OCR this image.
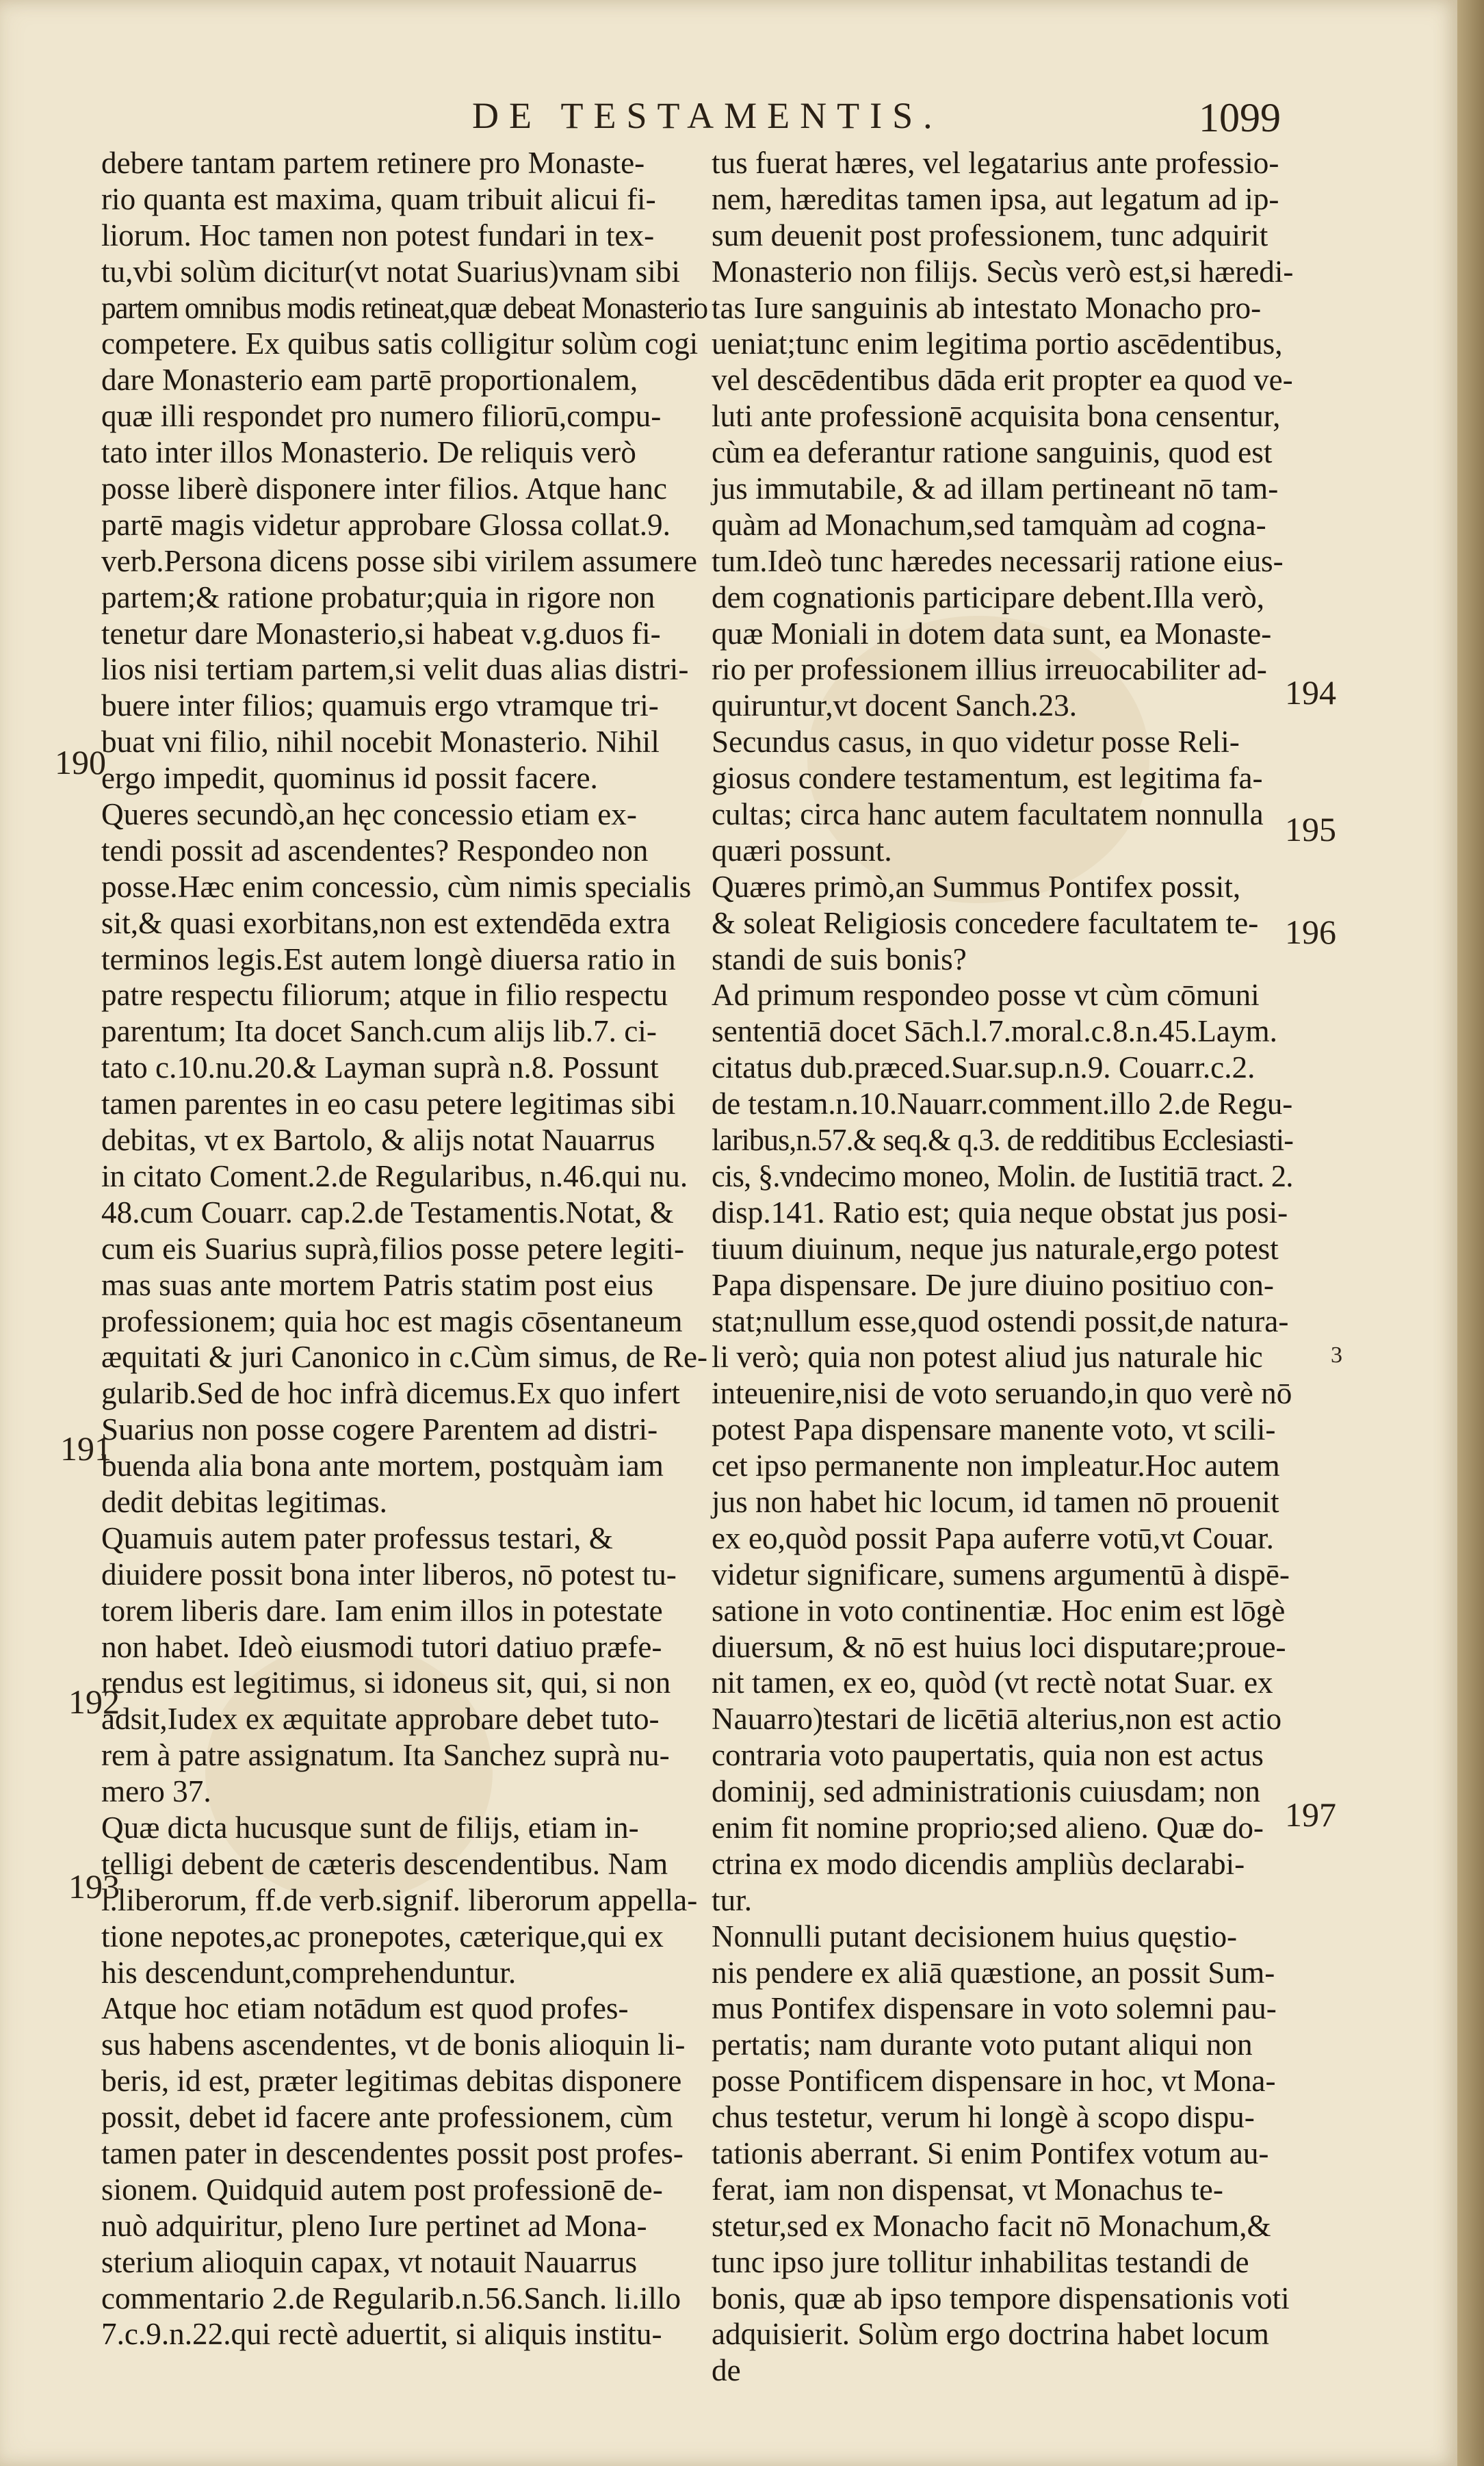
DE TESTAMENTIS.	1099
debere tantam partem retinere pro Monaste-
rio quanta est maxima, quam tribuit alicui fi-
liorum. Hoc tamen non potest fundari in tex-
tu,vbi solùm dicitur(vt notat Suarius)vnam sibi
partem omnibus modis retineat,quæ debeat Monasterio
competere. Ex quibus satis colligitur solùm cogi
dare Monasterio eam partē proportionalem,
quæ illi respondet pro numero filiorū,compu-
tato inter illos Monasterio. De reliquis verò
posse liberè disponere inter filios. Atque hanc
partē magis videtur approbare Glossa collat.9.
verb.Persona dicens posse sibi virilem assumere
partem;& ratione probatur;quia in rigore non
tenetur dare Monasterio,si habeat v.g.duos fi-
lios nisi tertiam partem,si velit duas alias distri-
buere inter filios; quamuis ergo vtramque tri-
buat vni filio, nihil nocebit Monasterio. Nihil
ergo impedit, quominus id possit facere.
Queres secundò,an hęc concessio etiam ex-
tendi possit ad ascendentes? Respondeo non
posse.Hæc enim concessio, cùm nimis specialis
sit,& quasi exorbitans,non est extendēda extra
terminos legis.Est autem longè diuersa ratio in
patre respectu filiorum; atque in filio respectu
parentum; Ita docet Sanch.cum alijs lib.7. ci-
tato c.10.nu.20.& Layman suprà n.8. Possunt
tamen parentes in eo casu petere legitimas sibi
debitas, vt ex Bartolo, & alijs notat Nauarrus
in citato Coment.2.de Regularibus, n.46.qui nu.
48.cum Couarr. cap.2.de Testamentis.Notat, &
cum eis Suarius suprà,filios posse petere legiti-
mas suas ante mortem Patris statim post eius
professionem; quia hoc est magis cōsentaneum
æquitati & juri Canonico in c.Cùm simus, de Re-
gularib.Sed de hoc infrà dicemus.Ex quo infert
Suarius non posse cogere Parentem ad distri-
buenda alia bona ante mortem, postquàm iam
dedit debitas legitimas.
Quamuis autem pater professus testari, &
diuidere possit bona inter liberos, nō potest tu-
torem liberis dare. Iam enim illos in potestate
non habet. Ideò eiusmodi tutori datiuo præfe-
rendus est legitimus, si idoneus sit, qui, si non
adsit,Iudex ex æquitate approbare debet tuto-
rem à patre assignatum. Ita Sanchez suprà nu-
mero 37.
Quæ dicta hucusque sunt de filijs, etiam in-
telligi debent de cæteris descendentibus. Nam
l.liberorum, ff.de verb.signif. liberorum appella-
tione nepotes,ac pronepotes, cæterique,qui ex
his descendunt,comprehenduntur.
Atque hoc etiam notādum est quod profes-
sus habens ascendentes, vt de bonis alioquin li-
beris, id est, præter legitimas debitas disponere
possit, debet id facere ante professionem, cùm
tamen pater in descendentes possit post profes-
sionem. Quidquid autem post professionē de-
nuò adquiritur, pleno Iure pertinet ad Mona-
sterium alioquin capax, vt notauit Nauarrus
commentario 2.de Regularib.n.56.Sanch. li.illo
7.c.9.n.22.qui rectè aduertit, si aliquis institu-
tus fuerat hæres, vel legatarius ante professio-
nem, hæreditas tamen ipsa, aut legatum ad ip-
sum deuenit post professionem, tunc adquirit
Monasterio non filijs. Secùs verò est,si hæredi-
tas Iure sanguinis ab intestato Monacho pro-
ueniat;tunc enim legitima portio ascēdentibus,
vel descēdentibus dāda erit propter ea quod ve-
luti ante professionē acquisita bona censentur,
cùm ea deferantur ratione sanguinis, quod est
jus immutabile, & ad illam pertineant nō tam-
quàm ad Monachum,sed tamquàm ad cogna-
tum.Ideò tunc hæredes necessarij ratione eius-
dem cognationis participare debent.Illa verò,
quæ Moniali in dotem data sunt, ea Monaste-
rio per professionem illius irreuocabiliter ad-
quiruntur,vt docent Sanch.23.
Secundus casus, in quo videtur posse Reli-
giosus condere testamentum, est legitima fa-
cultas; circa hanc autem facultatem nonnulla
quæri possunt.
Quæres primò,an Summus Pontifex possit,
& soleat Religiosis concedere facultatem te-
standi de suis bonis?
Ad primum respondeo posse vt cùm cōmuni
sententiā docet Sāch.l.7.moral.c.8.n.45.Laym.
citatus dub.præced.Suar.sup.n.9. Couarr.c.2.
de testam.n.10.Nauarr.comment.illo 2.de Regu-
laribus,n.57.& seq.& q.3. de redditibus Ecclesiasti-
cis, §.vndecimo moneo, Molin. de Iustitiā tract. 2.
disp.141. Ratio est; quia neque obstat jus posi-
tiuum diuinum, neque jus naturale,ergo potest
Papa dispensare. De jure diuino positiuo con-
stat;nullum esse,quod ostendi possit,de natura-
li verò; quia non potest aliud jus naturale hic
inteuenire,nisi de voto seruando,in quo verè nō
potest Papa dispensare manente voto, vt scili-
cet ipso permanente non impleatur.Hoc autem
jus non habet hic locum, id tamen nō prouenit
ex eo,quòd possit Papa auferre votū,vt Couar.
videtur significare, sumens argumentū à dispē-
satione in voto continentiæ. Hoc enim est lōgè
diuersum, & nō est huius loci disputare;proue-
nit tamen, ex eo, quòd (vt rectè notat Suar. ex
Nauarro)testari de licētiā alterius,non est actio
contraria voto paupertatis, quia non est actus
dominij, sed administrationis cuiusdam; non
enim fit nomine proprio;sed alieno. Quæ do-
ctrina ex modo dicendis ampliùs declarabi-
tur.
Nonnulli putant decisionem huius quęstio-
nis pendere ex aliā quæstione, an possit Sum-
mus Pontifex dispensare in voto solemni pau-
pertatis; nam durante voto putant aliqui non
posse Pontificem dispensare in hoc, vt Mona-
chus testetur, verum hi longè à scopo dispu-
tationis aberrant. Si enim Pontifex votum au-
ferat, iam non dispensat, vt Monachus te-
stetur,sed ex Monacho facit nō Monachum,&
tunc ipso jure tollitur inhabilitas testandi de
bonis, quæ ab ipso tempore dispensationis voti
adquisierit. Solùm ergo doctrina habet locum
de
190
191
192
193
194
195
196
197
3
